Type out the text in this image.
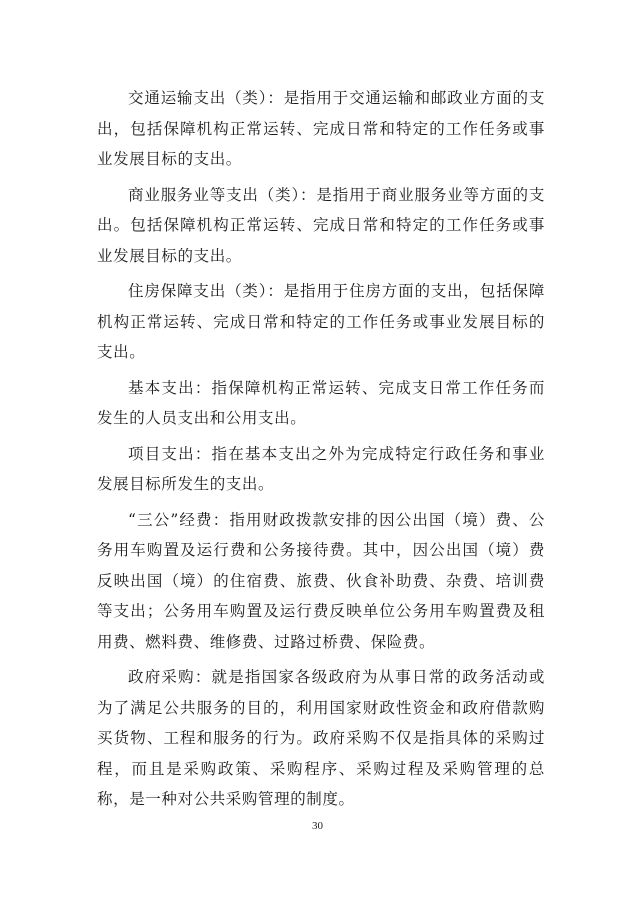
交通运输支出（类）：是指用于交通运输和邮政业方面的支出，包括保障机构正常运转、完成日常和特定的工作任务或事业发展目标的支出。

商业服务业等支出（类）：是指用于商业服务业等方面的支出。包括保障机构正常运转、完成日常和特定的工作任务或事业发展目标的支出。

住房保障支出（类）：是指用于住房方面的支出，包括保障机构正常运转、完成日常和特定的工作任务或事业发展目标的支出。

基本支出：指保障机构正常运转、完成支日常工作任务而发生的人员支出和公用支出。

项目支出：指在基本支出之外为完成特定行政任务和事业发展目标所发生的支出。

“三公”经费：指用财政拨款安排的因公出国（境）费、公务用车购置及运行费和公务接待费。其中，因公出国（境）费反映出国（境）的住宿费、旅费、伙食补助费、杂费、培训费等支出；公务用车购置及运行费反映单位公务用车购置费及租用费、燃料费、维修费、过路过桥费、保险费。

政府采购：就是指国家各级政府为从事日常的政务活动或为了满足公共服务的目的，利用国家财政性资金和政府借款购买货物、工程和服务的行为。政府采购不仅是指具体的采购过程，而且是采购政策、采购程序、采购过程及采购管理的总称，是一种对公共采购管理的制度。

30
